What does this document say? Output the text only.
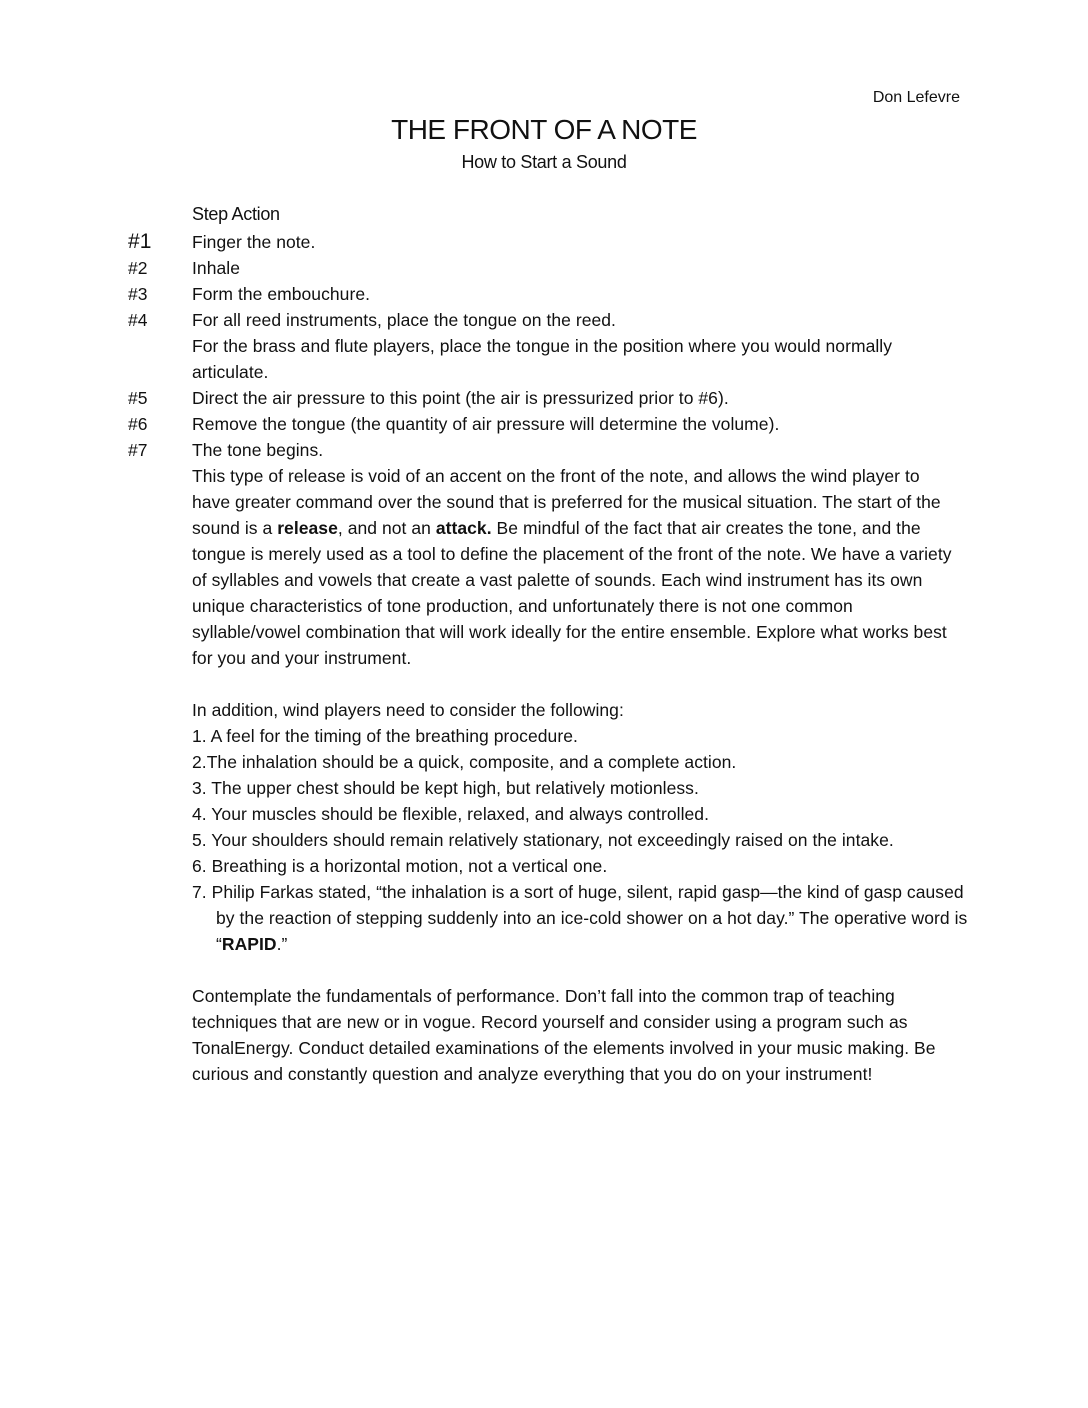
Don Lefevre
THE FRONT OF A NOTE
How to Start a Sound
Step Action
#1	Finger the note.
#2	Inhale
#3	Form the embouchure.
#4	For all reed instruments, place the tongue on the reed.
For the brass and flute players, place the tongue in the position where you would normally articulate.
#5	Direct the air pressure to this point (the air is pressurized prior to #6).
#6	Remove the tongue (the quantity of air pressure will determine the volume).
#7	The tone begins.
This type of release is void of an accent on the front of the note, and allows the wind player to have greater command over the sound that is preferred for the musical situation. The start of the sound is a release, and not an attack. Be mindful of the fact that air creates the tone, and the tongue is merely used as a tool to define the placement of the front of the note. We have a variety of syllables and vowels that create a vast palette of sounds. Each wind instrument has its own unique characteristics of tone production, and unfortunately there is not one common syllable/vowel combination that will work ideally for the entire ensemble. Explore what works best for you and your instrument.
In addition, wind players need to consider the following:
1. A feel for the timing of the breathing procedure.
2.The inhalation should be a quick, composite, and a complete action.
3. The upper chest should be kept high, but relatively motionless.
4. Your muscles should be flexible, relaxed, and always controlled.
5. Your shoulders should remain relatively stationary, not exceedingly raised on the intake.
6. Breathing is a horizontal motion, not a vertical one.
7. Philip Farkas stated, “the inhalation is a sort of huge, silent, rapid gasp—the kind of gasp caused by the reaction of stepping suddenly into an ice-cold shower on a hot day.” The operative word is “RAPID.”
Contemplate the fundamentals of performance. Don’t fall into the common trap of teaching techniques that are new or in vogue. Record yourself and consider using a program such as TonalEnergy. Conduct detailed examinations of the elements involved in your music making. Be curious and constantly question and analyze everything that you do on your instrument!
